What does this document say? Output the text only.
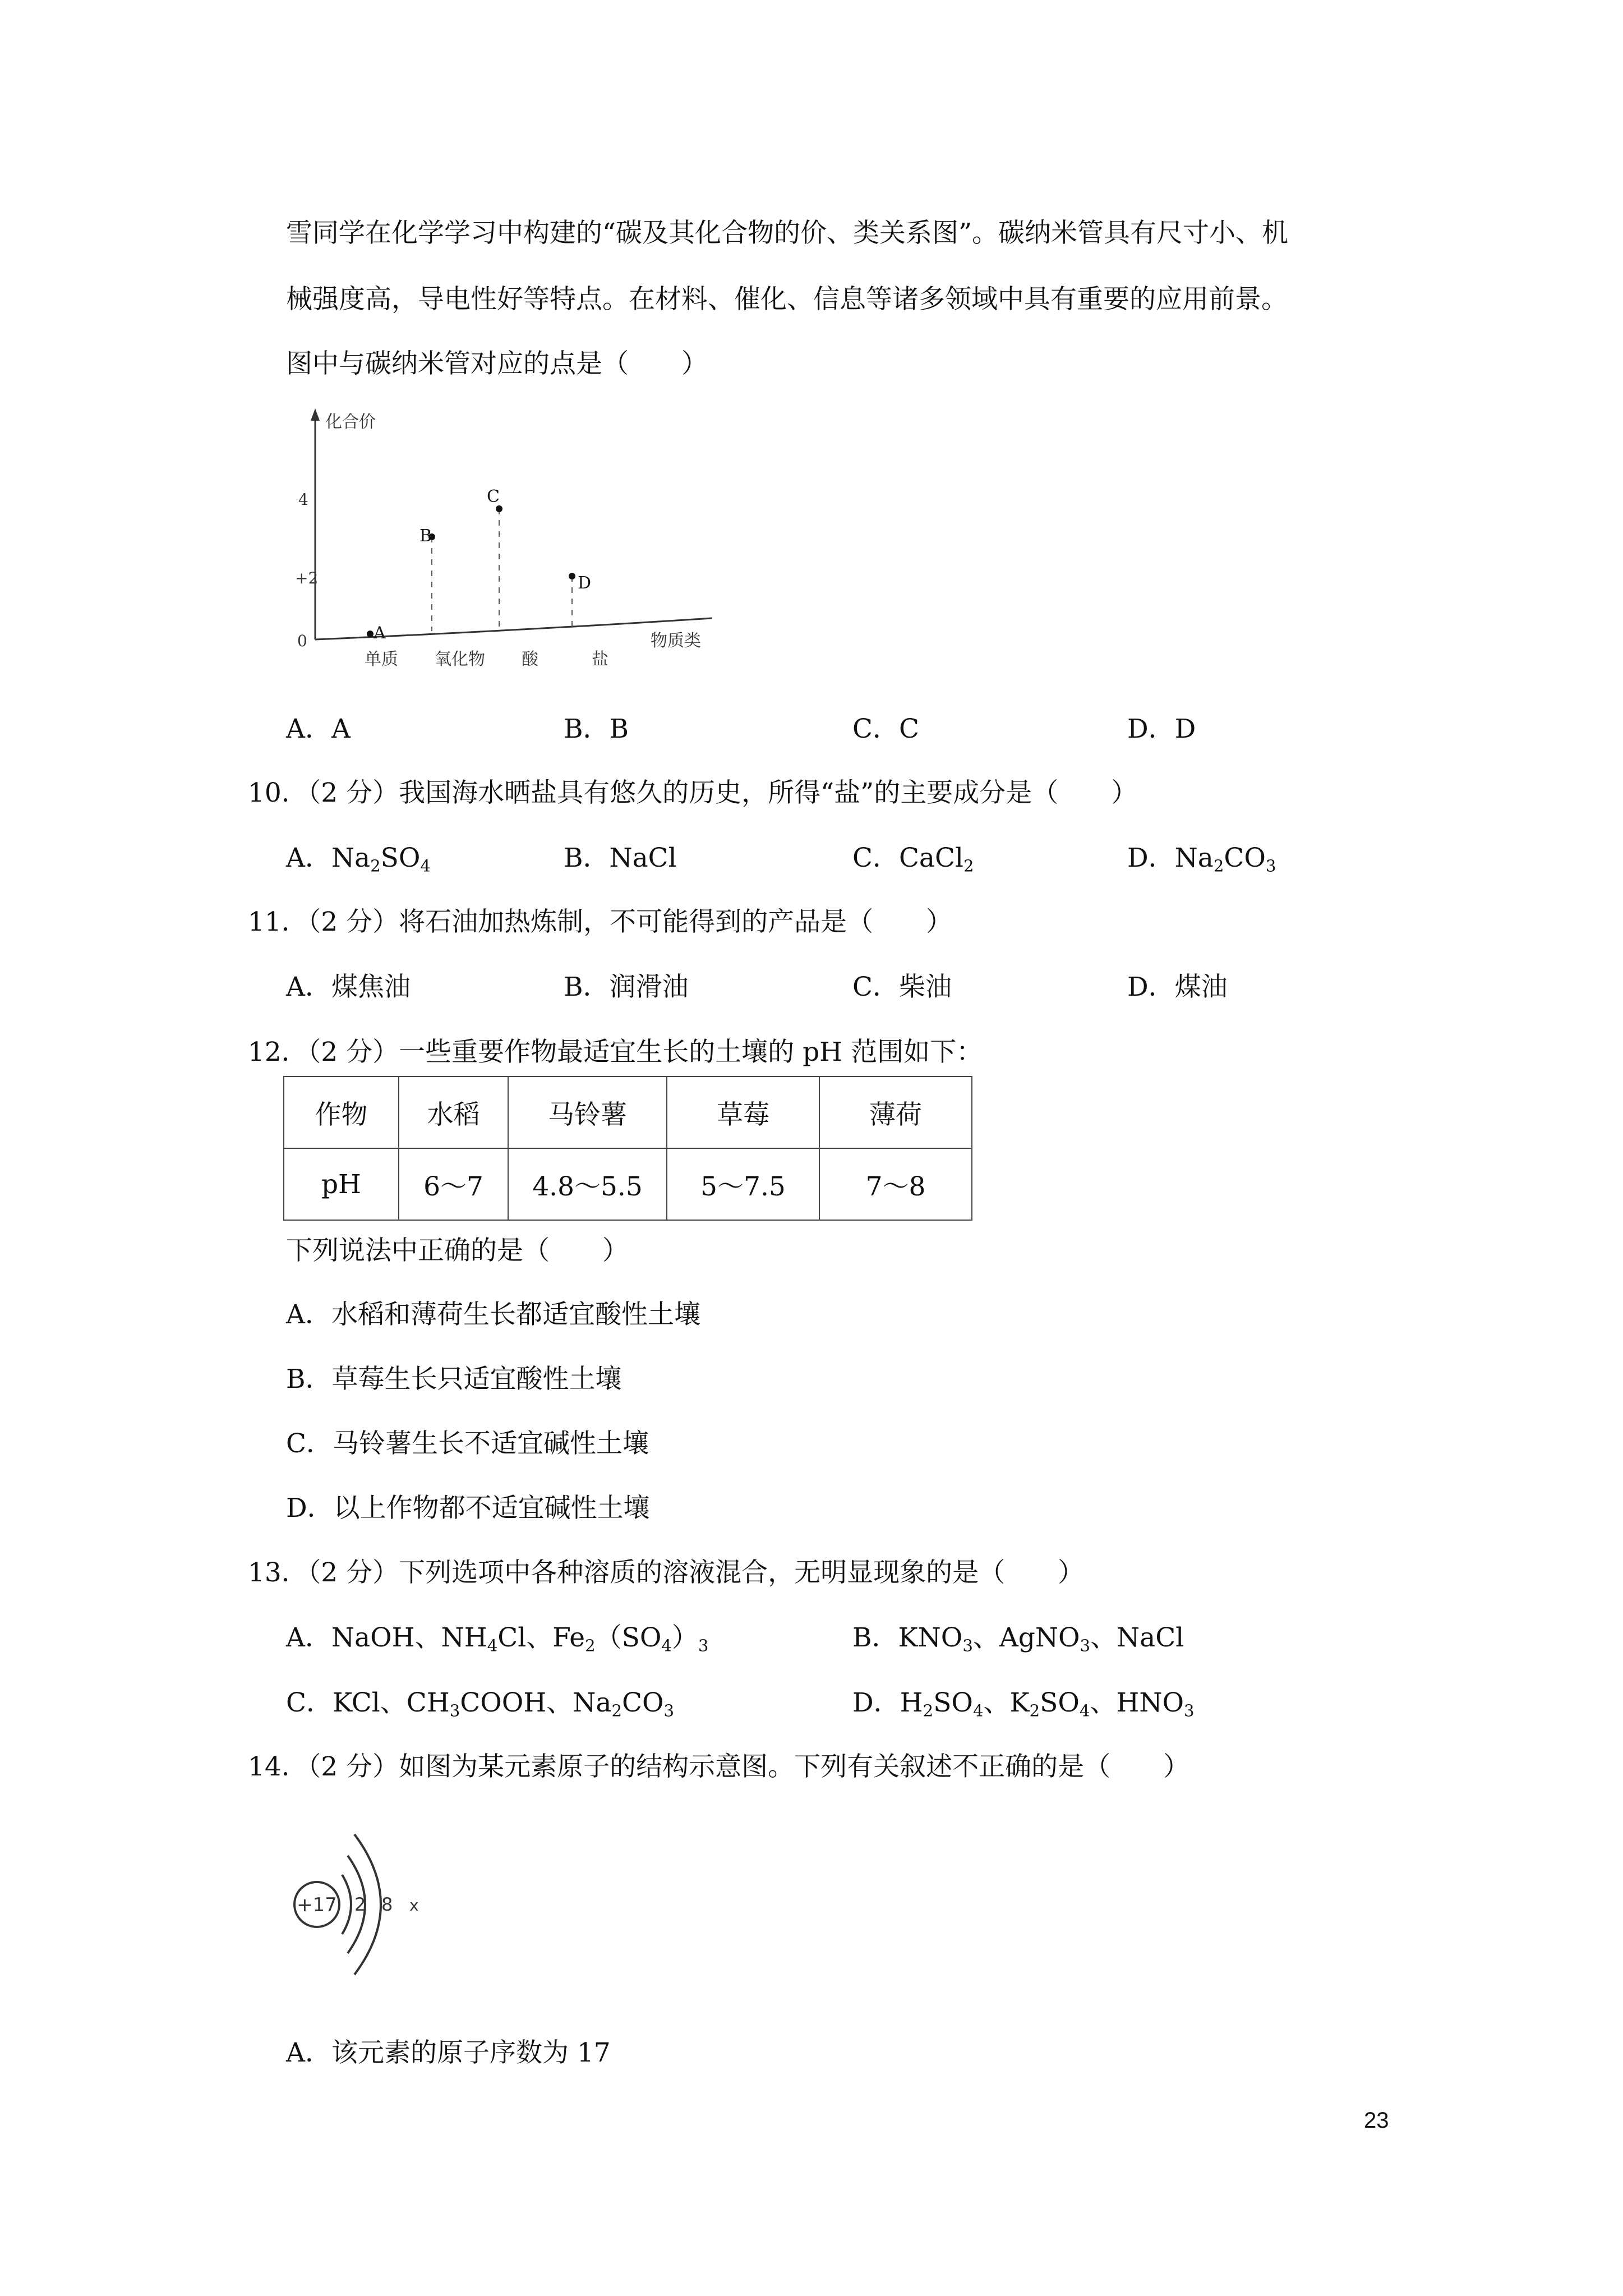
雪同学在化学学习中构建的“碳及其化合物的价、类关系图”。碳纳米管具有尺寸小、机
械强度高，导电性好等特点。在材料、催化、信息等诸多领域中具有重要的应用前景。
图中与碳纳米管对应的点是（　　）
A
B
C
D
化合价
物质类
0
+2
4
单质 氧化物 酸	盐
A．A	B．B	C．C	D．D
10．（2 分）我国海水晒盐具有悠久的历史，所得“盐”的主要成分是（　　）
A．$Na_2SO_4$	B．NaCl	C．CaCl$_2$	D．$Na_2CO_3$
11．（2 分）将石油加热炼制，不可能得到的产品是（　　）
A．煤焦油	B．润滑油	C．柴油	D．煤油
12．（2 分）一些重要作物最适宜生长的土壤的 pH 范围如下：
作物	水稻	马铃薯	草莓	薄荷
pH	6～7	4.8～5.5	5～7.5	7～8
下列说法中正确的是（　　）
A．水稻和薄荷生长都适宜酸性土壤
B．草莓生长只适宜酸性土壤
C．马铃薯生长不适宜碱性土壤
D．以上作物都不适宜碱性土壤
13．（2 分）下列选项中各种溶质的溶液混合，无明显现象的是（　　）
A．NaOH、$NH_4Cl$、$Fe_2(SO_4)_3$	B．$KNO_3$、AgNO$_3$、NaCl
C．KCl、$CH_3COOH$、$Na_2CO_3$	D．$H_2SO_4$、$K_2SO_4$、$HNO_3$
14．（2 分）如图为某元素原子的结构示意图。下列有关叙述不正确的是（　　）
+17 2 8 x
A．该元素的原子序数为 17
23
